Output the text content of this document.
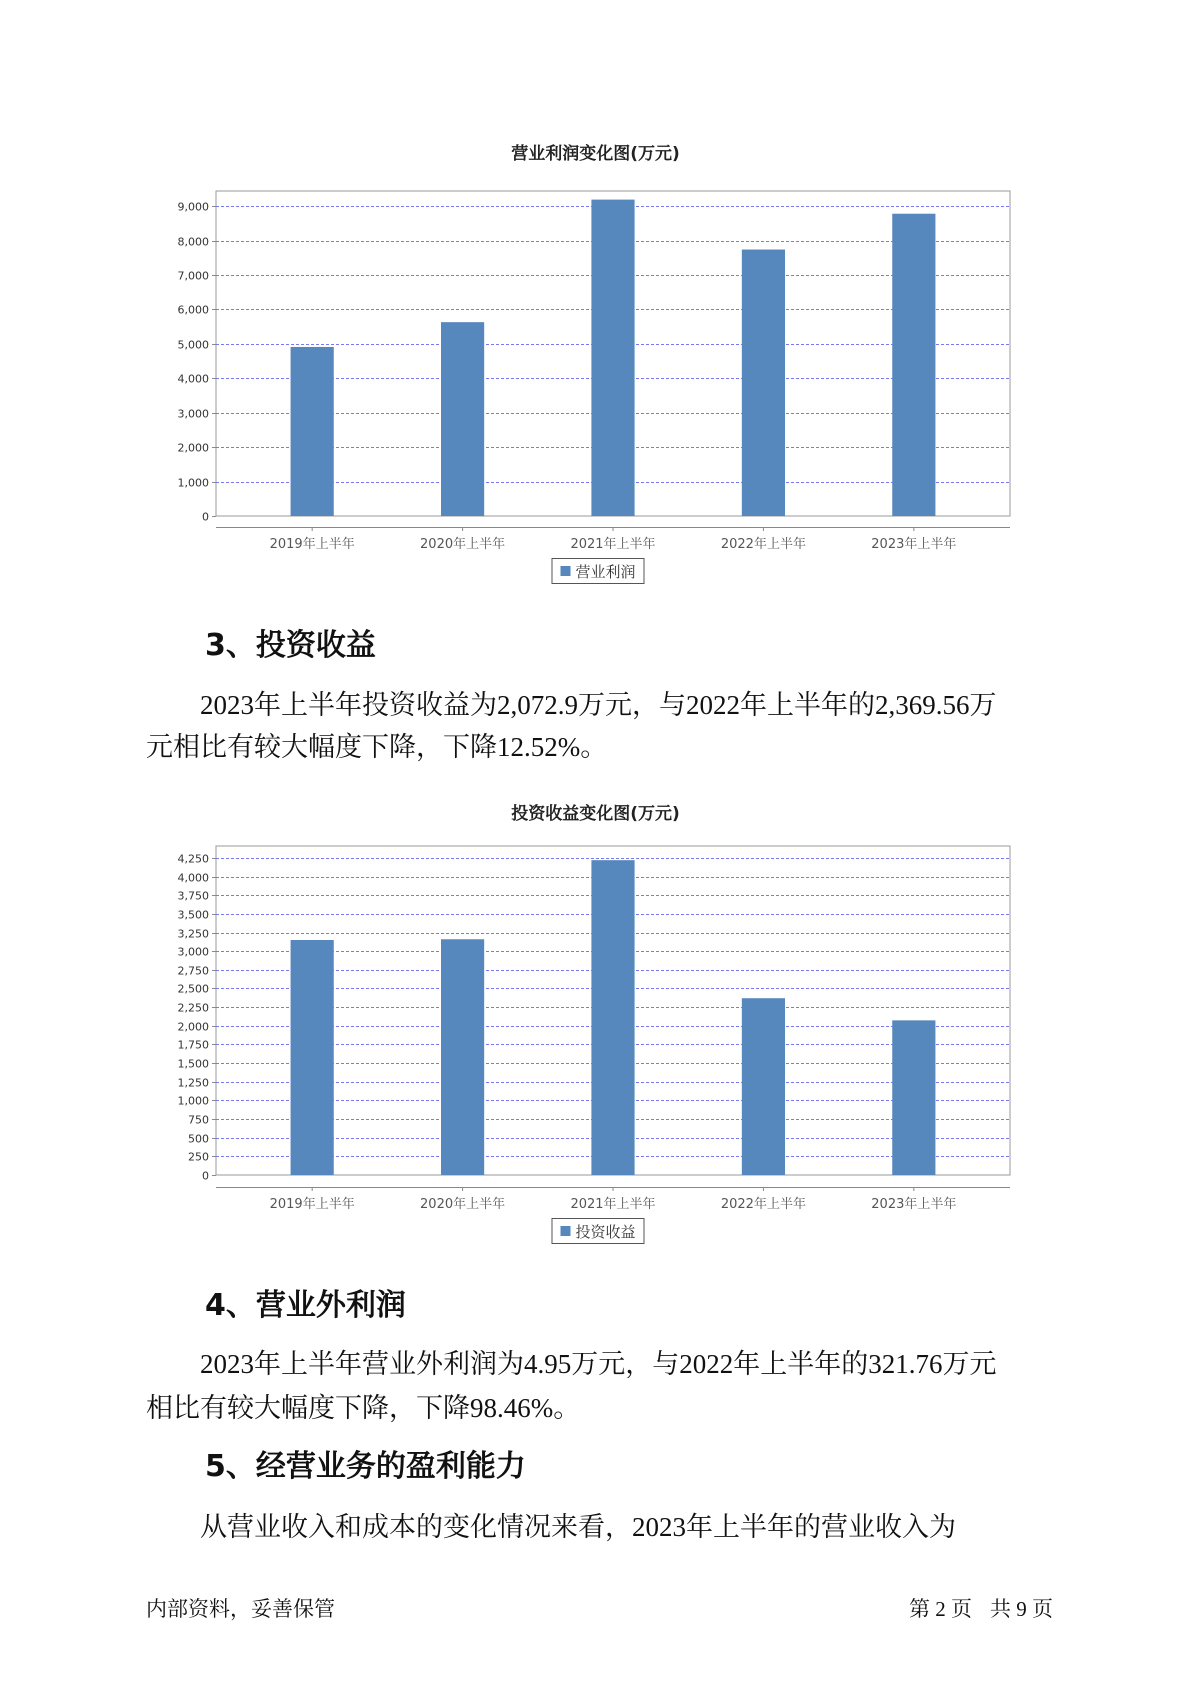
营业利润变化图(万元)
0
1,000
2,000
3,000
4,000
5,000
6,000
7,000
8,000
9,000
2019年上半年	2020年上半年	2021年上半年	2022年上半年	2023年上半年
营业利润
3、投资收益
2023年上半年投资收益为2,072.9万元，与2022年上半年的2,369.56万
元相比有较大幅度下降，下降12.52%。
投资收益变化图(万元)
0
250
500
750
1,000
1,250
1,500
1,750
2,000
2,250
2,500
2,750
3,000
3,250
3,500
3,750
4,000
4,250
2019年上半年	2020年上半年	2021年上半年	2022年上半年	2023年上半年
投资收益
4、营业外利润
2023年上半年营业外利润为4.95万元，与2022年上半年的321.76万元
相比有较大幅度下降，下降98.46%。
5、经营业务的盈利能力
从营业收入和成本的变化情况来看，2023年上半年的营业收入为
内部资料，妥善保管	第 2 页 共 9 页
